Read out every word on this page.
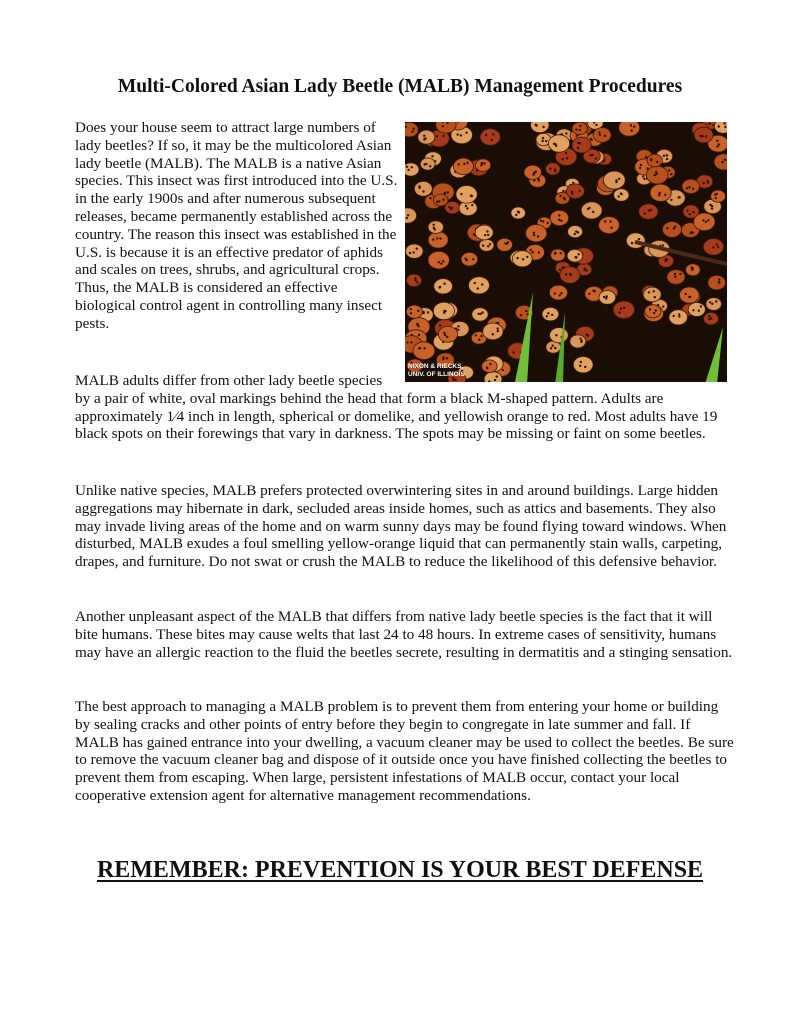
Multi-Colored Asian Lady Beetle (MALB) Management Procedures

Does your house seem to attract large numbers of lady beetles? If so, it may be the multicolored Asian lady beetle (MALB). The MALB is a native Asian species. This insect was first introduced into the U.S. in the early 1900s and after numerous subsequent releases, became permanently established across the country. The reason this insect was established in the U.S. is because it is an effective predator of aphids and scales on trees, shrubs, and agricultural crops. Thus, the MALB is considered an effective biological control agent in controlling many insect pests.

NIXON & RIECKS,
UNIV. OF ILLINOIS

MALB adults differ from other lady beetle species
by a pair of white, oval markings behind the head that form a black M-shaped pattern. Adults are approximately 1⁄4 inch in length, spherical or domelike, and yellowish orange to red. Most adults have 19 black spots on their forewings that vary in darkness. The spots may be missing or faint on some beetles.

Unlike native species, MALB prefers protected overwintering sites in and around buildings. Large hidden aggregations may hibernate in dark, secluded areas inside homes, such as attics and basements. They also may invade living areas of the home and on warm sunny days may be found flying toward windows. When disturbed, MALB exudes a foul smelling yellow-orange liquid that can permanently stain walls, carpeting, drapes, and furniture. Do not swat or crush the MALB to reduce the likelihood of this defensive behavior.

Another unpleasant aspect of the MALB that differs from native lady beetle species is the fact that it will bite humans. These bites may cause welts that last 24 to 48 hours. In extreme cases of sensitivity, humans may have an allergic reaction to the fluid the beetles secrete, resulting in dermatitis and a stinging sensation.

The best approach to managing a MALB problem is to prevent them from entering your home or building by sealing cracks and other points of entry before they begin to congregate in late summer and fall. If MALB has gained entrance into your dwelling, a vacuum cleaner may be used to collect the beetles. Be sure to remove the vacuum cleaner bag and dispose of it outside once you have finished collecting the beetles to prevent them from escaping. When large, persistent infestations of MALB occur, contact your local cooperative extension agent for alternative management recommendations.

REMEMBER: PREVENTION IS YOUR BEST DEFENSE
